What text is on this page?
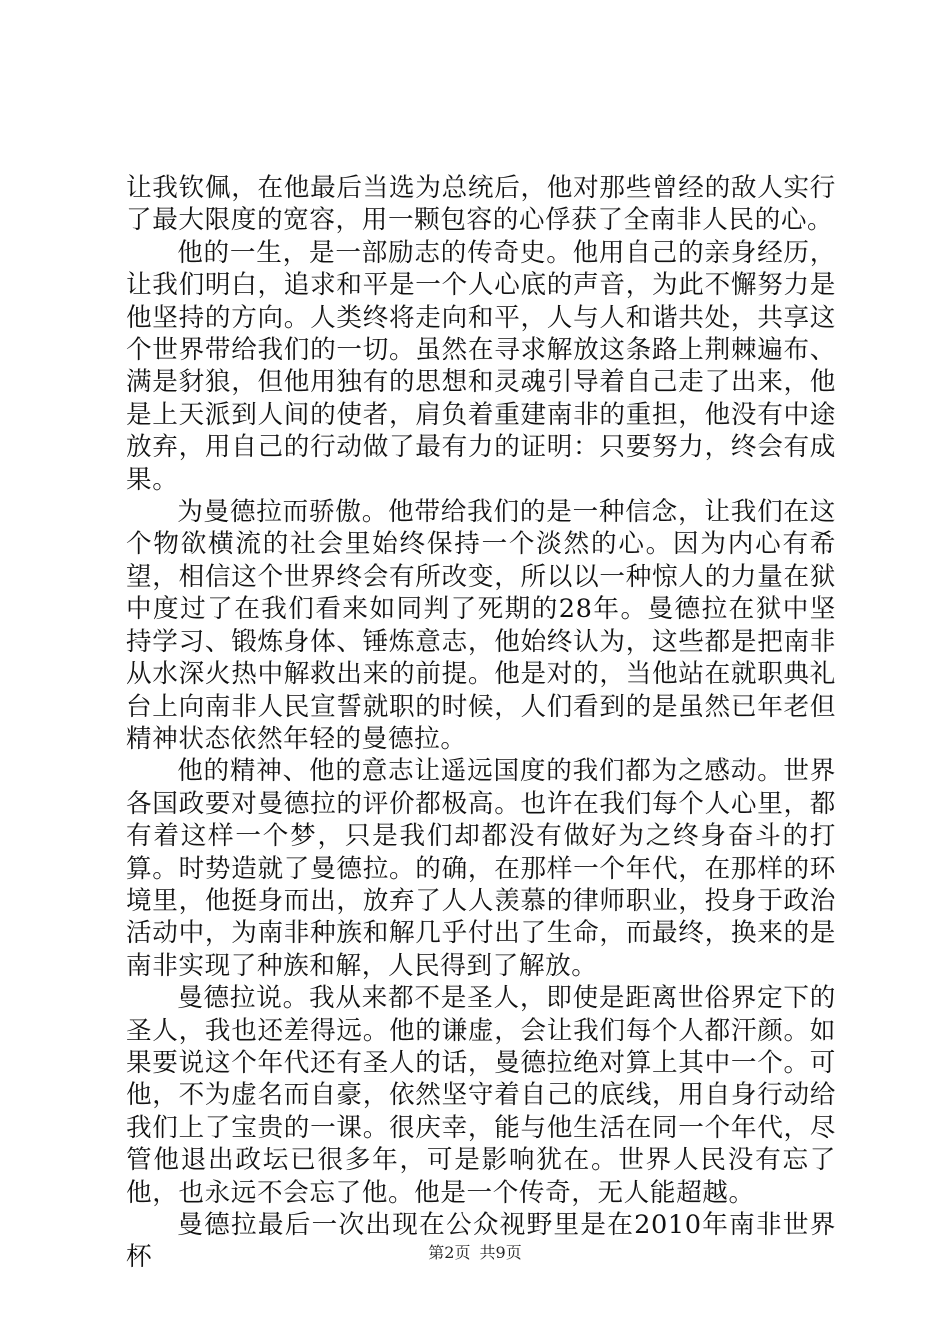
让我钦佩，在他最后当选为总统后，他对那些曾经的敌人实行了最大限度的宽容，用一颗包容的心俘获了全南非人民的心。

他的一生，是一部励志的传奇史。他用自己的亲身经历，让我们明白，追求和平是一个人心底的声音，为此不懈努力是他坚持的方向。人类终将走向和平，人与人和谐共处，共享这个世界带给我们的一切。虽然在寻求解放这条路上荆棘遍布、满是豺狼，但他用独有的思想和灵魂引导着自己走了出来，他是上天派到人间的使者，肩负着重建南非的重担，他没有中途放弃，用自己的行动做了最有力的证明：只要努力，终会有成果。

为曼德拉而骄傲。他带给我们的是一种信念，让我们在这个物欲横流的社会里始终保持一个淡然的心。因为内心有希望，相信这个世界终会有所改变，所以以一种惊人的力量在狱中度过了在我们看来如同判了死期的28年。曼德拉在狱中坚持学习、锻炼身体、锤炼意志，他始终认为，这些都是把南非从水深火热中解救出来的前提。他是对的，当他站在就职典礼台上向南非人民宣誓就职的时候，人们看到的是虽然已年老但精神状态依然年轻的曼德拉。

他的精神、他的意志让遥远国度的我们都为之感动。世界各国政要对曼德拉的评价都极高。也许在我们每个人心里，都有着这样一个梦，只是我们却都没有做好为之终身奋斗的打算。时势造就了曼德拉。的确，在那样一个年代，在那样的环境里，他挺身而出，放弃了人人羡慕的律师职业，投身于政治活动中，为南非种族和解几乎付出了生命，而最终，换来的是南非实现了种族和解，人民得到了解放。

曼德拉说。我从来都不是圣人，即使是距离世俗界定下的圣人，我也还差得远。他的谦虚，会让我们每个人都汗颜。如果要说这个年代还有圣人的话，曼德拉绝对算上其中一个。可他，不为虚名而自豪，依然坚守着自己的底线，用自身行动给我们上了宝贵的一课。很庆幸，能与他生活在同一个年代，尽管他退出政坛已很多年，可是影响犹在。世界人民没有忘了他，也永远不会忘了他。他是一个传奇，无人能超越。

曼德拉最后一次出现在公众视野里是在2010年南非世界杯	第2页 共9页
